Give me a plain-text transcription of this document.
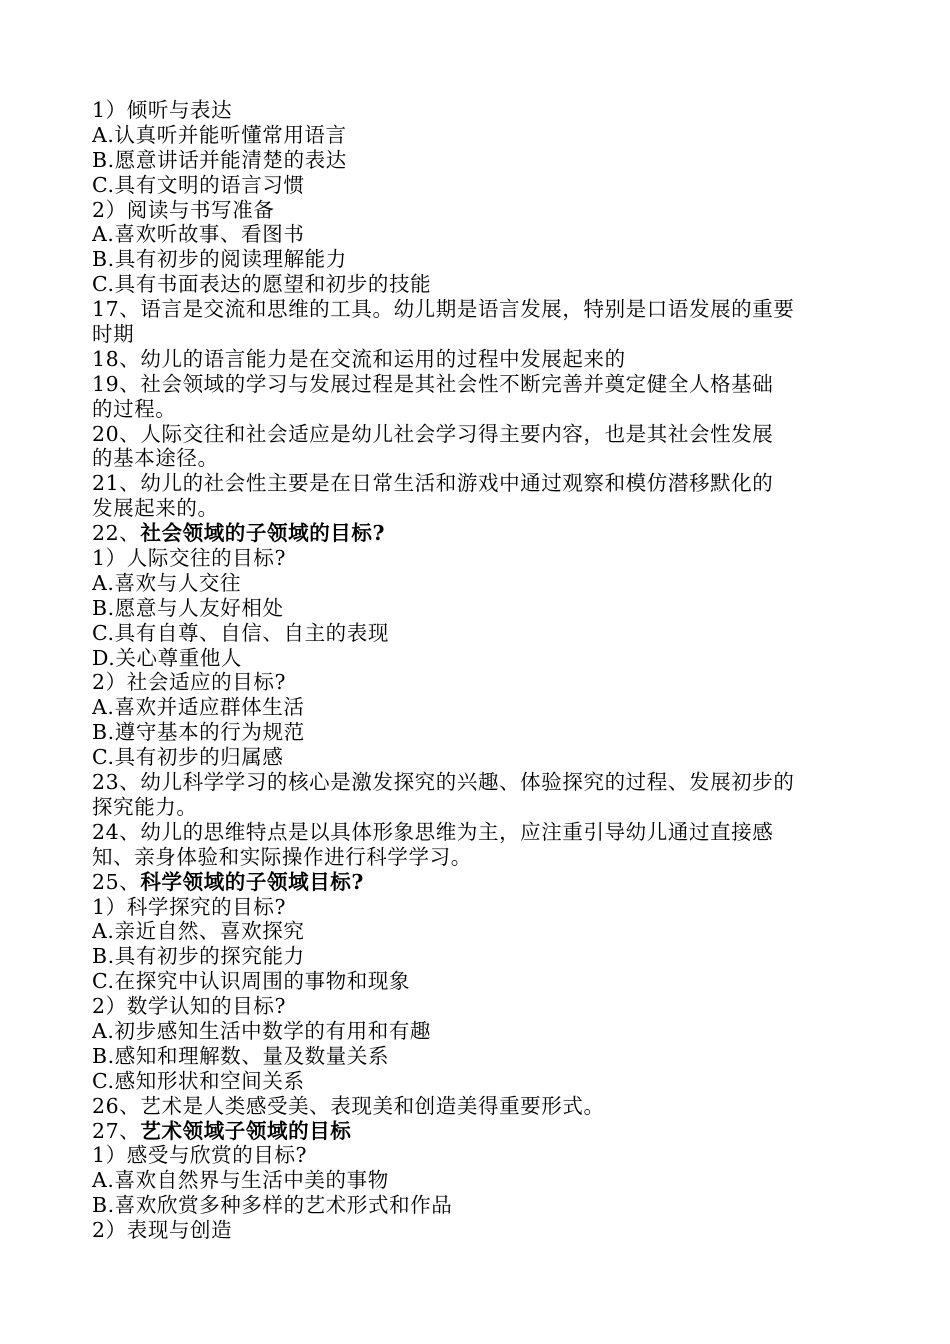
1）倾听与表达
A.认真听并能听懂常用语言
B.愿意讲话并能清楚的表达
C.具有文明的语言习惯
2）阅读与书写准备
A.喜欢听故事、看图书
B.具有初步的阅读理解能力
C.具有书面表达的愿望和初步的技能
17、语言是交流和思维的工具。幼儿期是语言发展，特别是口语发展的重要
时期
18、幼儿的语言能力是在交流和运用的过程中发展起来的
19、社会领域的学习与发展过程是其社会性不断完善并奠定健全人格基础
的过程。
20、人际交往和社会适应是幼儿社会学习得主要内容，也是其社会性发展
的基本途径。
21、幼儿的社会性主要是在日常生活和游戏中通过观察和模仿潜移默化的
发展起来的。
22、社会领域的子领域的目标?
1）人际交往的目标?
A.喜欢与人交往
B.愿意与人友好相处
C.具有自尊、自信、自主的表现
D.关心尊重他人
2）社会适应的目标?
A.喜欢并适应群体生活
B.遵守基本的行为规范
C.具有初步的归属感
23、幼儿科学学习的核心是激发探究的兴趣、体验探究的过程、发展初步的
探究能力。
24、幼儿的思维特点是以具体形象思维为主，应注重引导幼儿通过直接感
知、亲身体验和实际操作进行科学学习。
25、科学领域的子领域目标?
1）科学探究的目标?
A.亲近自然、喜欢探究
B.具有初步的探究能力
C.在探究中认识周围的事物和现象
2）数学认知的目标?
A.初步感知生活中数学的有用和有趣
B.感知和理解数、量及数量关系
C.感知形状和空间关系
26、艺术是人类感受美、表现美和创造美得重要形式。
27、艺术领域子领域的目标
1）感受与欣赏的目标?
A.喜欢自然界与生活中美的事物
B.喜欢欣赏多种多样的艺术形式和作品
2）表现与创造
